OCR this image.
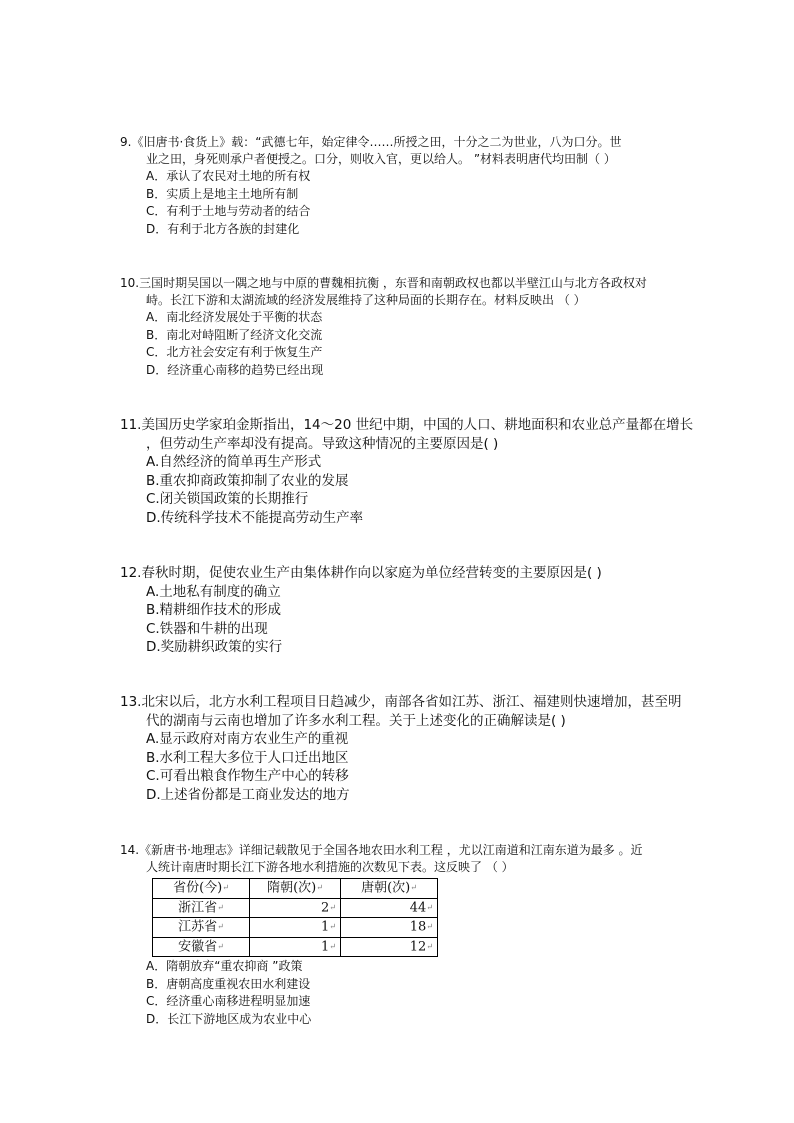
9.《旧唐书·食货上》载：“武德七年，始定律令……所授之田，十分之二为世业，八为口分。世
业之田，身死则承户者便授之。口分，则收入官，更以给人。 ”材料表明唐代均田制（ ）
A．承认了农民对土地的所有权
B．实质上是地主土地所有制
C．有利于土地与劳动者的结合
D．有利于北方各族的封建化
10.三国时期吴国以一隅之地与中原的曹魏相抗衡 ，东晋和南朝政权也都以半壁江山与北方各政权对
峙。长江下游和太湖流域的经济发展维持了这种局面的长期存在。材料反映出 （ ）
A．南北经济发展处于平衡的状态
B．南北对峙阻断了经济文化交流
C．北方社会安定有利于恢复生产
D．经济重心南移的趋势已经出现
11.美国历史学家珀金斯指出，14～20 世纪中期，中国的人口、耕地面积和农业总产量都在增长
，但劳动生产率却没有提高。导致这种情况的主要原因是( )
A.自然经济的简单再生产形式
B.重农抑商政策抑制了农业的发展
C.闭关锁国政策的长期推行
D.传统科学技术不能提高劳动生产率
12.春秋时期，促使农业生产由集体耕作向以家庭为单位经营转变的主要原因是( )
A.土地私有制度的确立
B.精耕细作技术的形成
C.铁器和牛耕的出现
D.奖励耕织政策的实行
13.北宋以后，北方水利工程项目日趋减少，南部各省如江苏、浙江、福建则快速增加，甚至明
代的湖南与云南也增加了许多水利工程。关于上述变化的正确解读是( )
A.显示政府对南方农业生产的重视
B.水利工程大多位于人口迁出地区
C.可看出粮食作物生产中心的转移
D.上述省份都是工商业发达的地方
14.《新唐书·地理志》详细记载散见于全国各地农田水利工程 ，尤以江南道和江南东道为最多 。近
人统计南唐时期长江下游各地水利措施的次数见下表。这反映了 （ ）
省份(今)↵	隋朝(次)↵	唐朝(次)↵
浙江省↵	2↵	44↵
江苏省↵	1↵	18↵
安徽省↵	1↵	12↵
A．隋朝放弃“重农抑商 ”政策
B．唐朝高度重视农田水利建设
C．经济重心南移进程明显加速
D．长江下游地区成为农业中心
